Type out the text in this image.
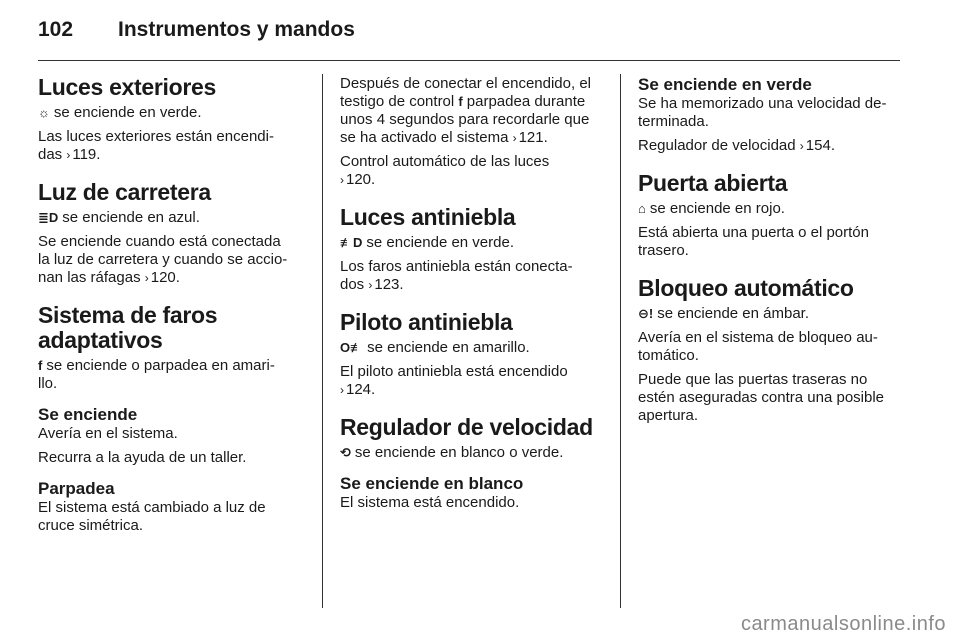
102	Instrumentos y mandos
Luces exteriores

☼ se enciende en verde.

Las luces exteriores están encendi-
das › 119.

Luz de carretera

≣D se enciende en azul.

Se enciende cuando está conectada
la luz de carretera y cuando se accio-
nan las ráfagas › 120.

Sistema de faros
adaptativos

f se enciende o parpadea en amari-
llo.

Se enciende

Avería en el sistema.

Recurra a la ayuda de un taller.

Parpadea

El sistema está cambiado a luz de
cruce simétrica.

Después de conectar el encendido, el
testigo de control f parpadea durante
unos 4 segundos para recordarle que
se ha activado el sistema › 121.

Control automático de las luces
› 120.

Luces antiniebla

≢D se enciende en verde.

Los faros antiniebla están conecta-
dos › 123.

Piloto antiniebla

O≢ se enciende en amarillo.

El piloto antiniebla está encendido
› 124.

Regulador de velocidad

⟲ se enciende en blanco o verde.

Se enciende en blanco

El sistema está encendido.

Se enciende en verde

Se ha memorizado una velocidad de-
terminada.

Regulador de velocidad › 154.

Puerta abierta

⌂ se enciende en rojo.

Está abierta una puerta o el portón
trasero.

Bloqueo automático

⊖! se enciende en ámbar.

Avería en el sistema de bloqueo au-
tomático.

Puede que las puertas traseras no
estén aseguradas contra una posible
apertura.

carmanualsonline.info
